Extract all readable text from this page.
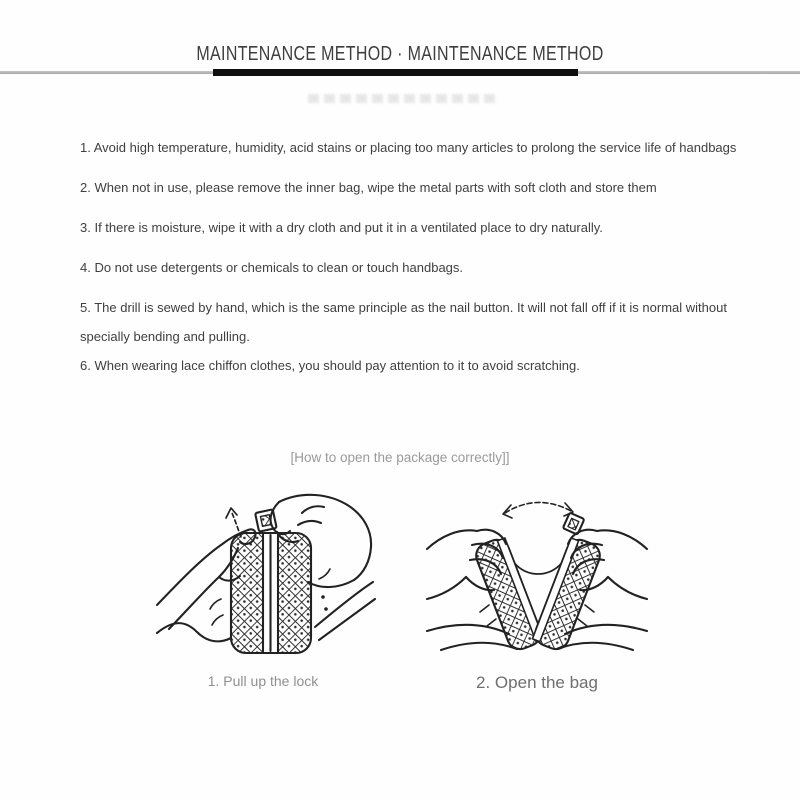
MAINTENANCE METHOD · MAINTENANCE METHOD

1. Avoid high temperature, humidity, acid stains or placing too many articles to prolong the service life of handbags

2. When not in use, please remove the inner bag, wipe the metal parts with soft cloth and store them

3. If there is moisture, wipe it with a dry cloth and put it in a ventilated place to dry naturally.

4. Do not use detergents or chemicals to clean or touch handbags.

5. The drill is sewed by hand, which is the same principle as the nail button. It will not fall off if it is normal without specially bending and pulling.

6. When wearing lace chiffon clothes, you should pay attention to it to avoid scratching.

[How to open the package correctly]]
1. Pull up the lock	2. Open the bag
